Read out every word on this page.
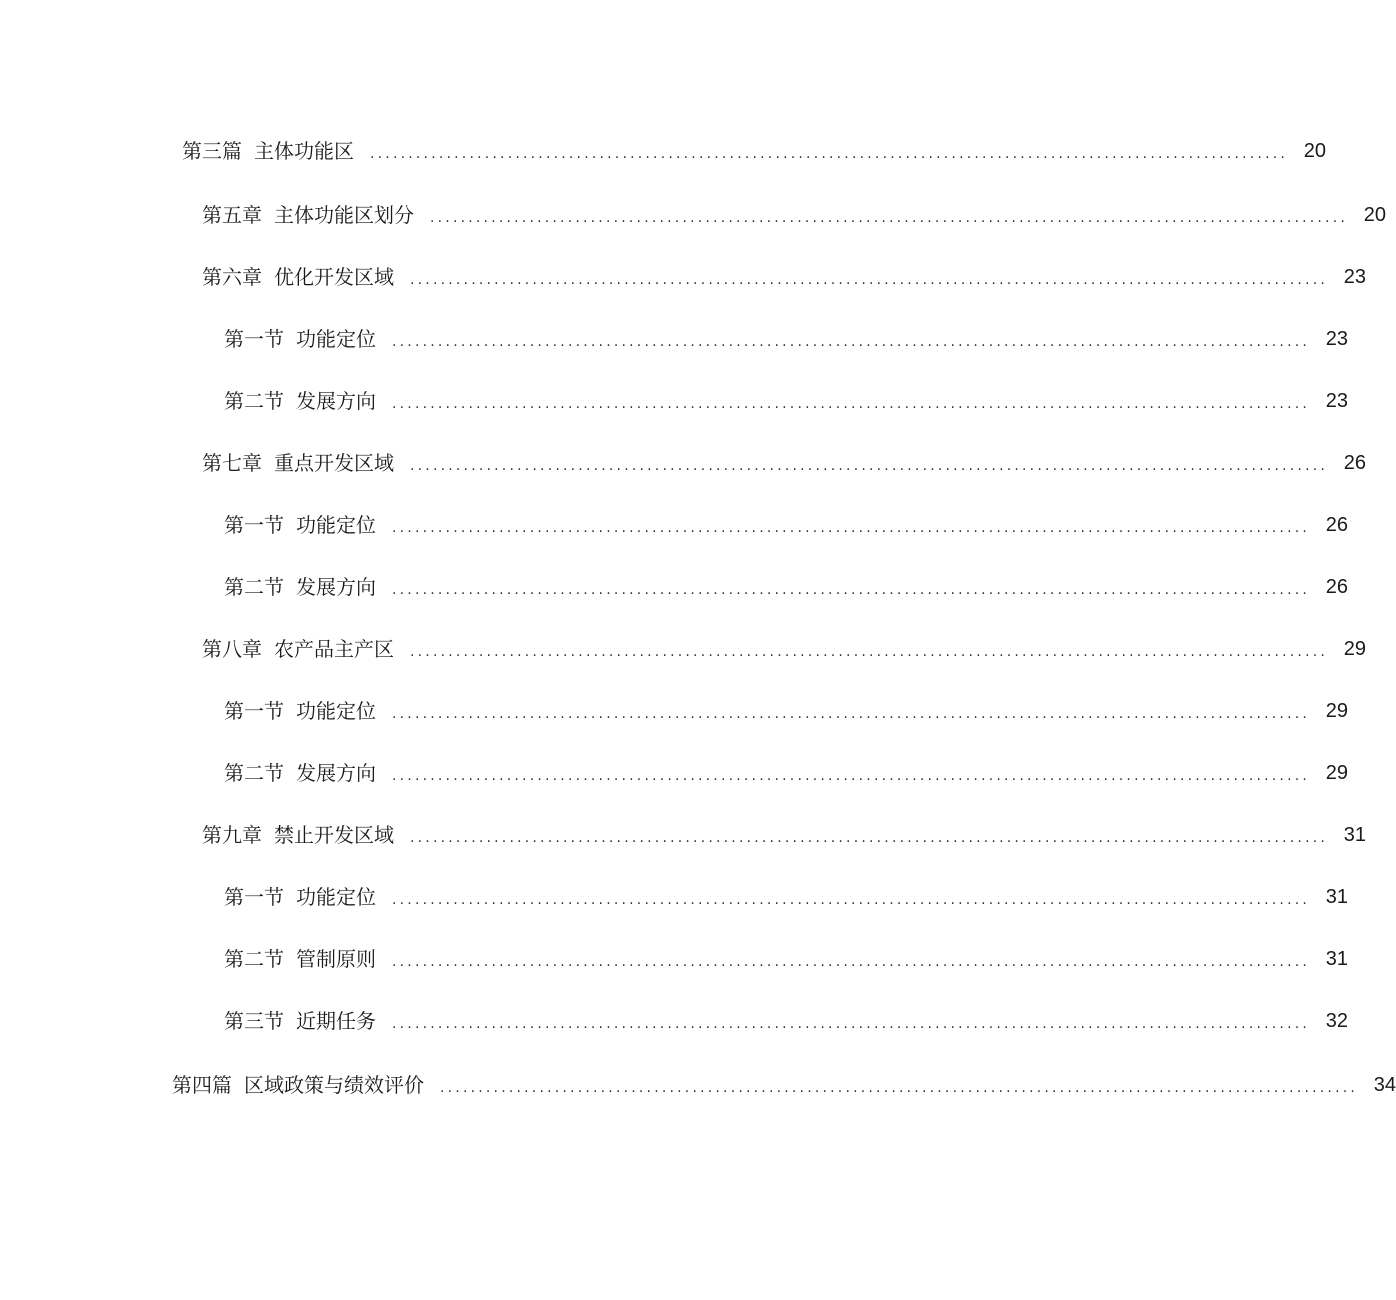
第三篇 主体功能区 ........................................................................................................................ 20
第五章 主体功能区划分 ........................................................................................................................ 20
第六章 优化开发区域 ........................................................................................................................ 23
第一节 功能定位 ........................................................................................................................ 23
第二节 发展方向 ........................................................................................................................ 23
第七章 重点开发区域 ........................................................................................................................ 26
第一节 功能定位 ........................................................................................................................ 26
第二节 发展方向 ........................................................................................................................ 26
第八章 农产品主产区 ........................................................................................................................ 29
第一节 功能定位 ........................................................................................................................ 29
第二节 发展方向 ........................................................................................................................ 29
第九章 禁止开发区域 ........................................................................................................................ 31
第一节 功能定位 ........................................................................................................................ 31
第二节 管制原则 ........................................................................................................................ 31
第三节 近期任务 ........................................................................................................................ 32
第四篇 区域政策与绩效评价 ........................................................................................................................ 34
